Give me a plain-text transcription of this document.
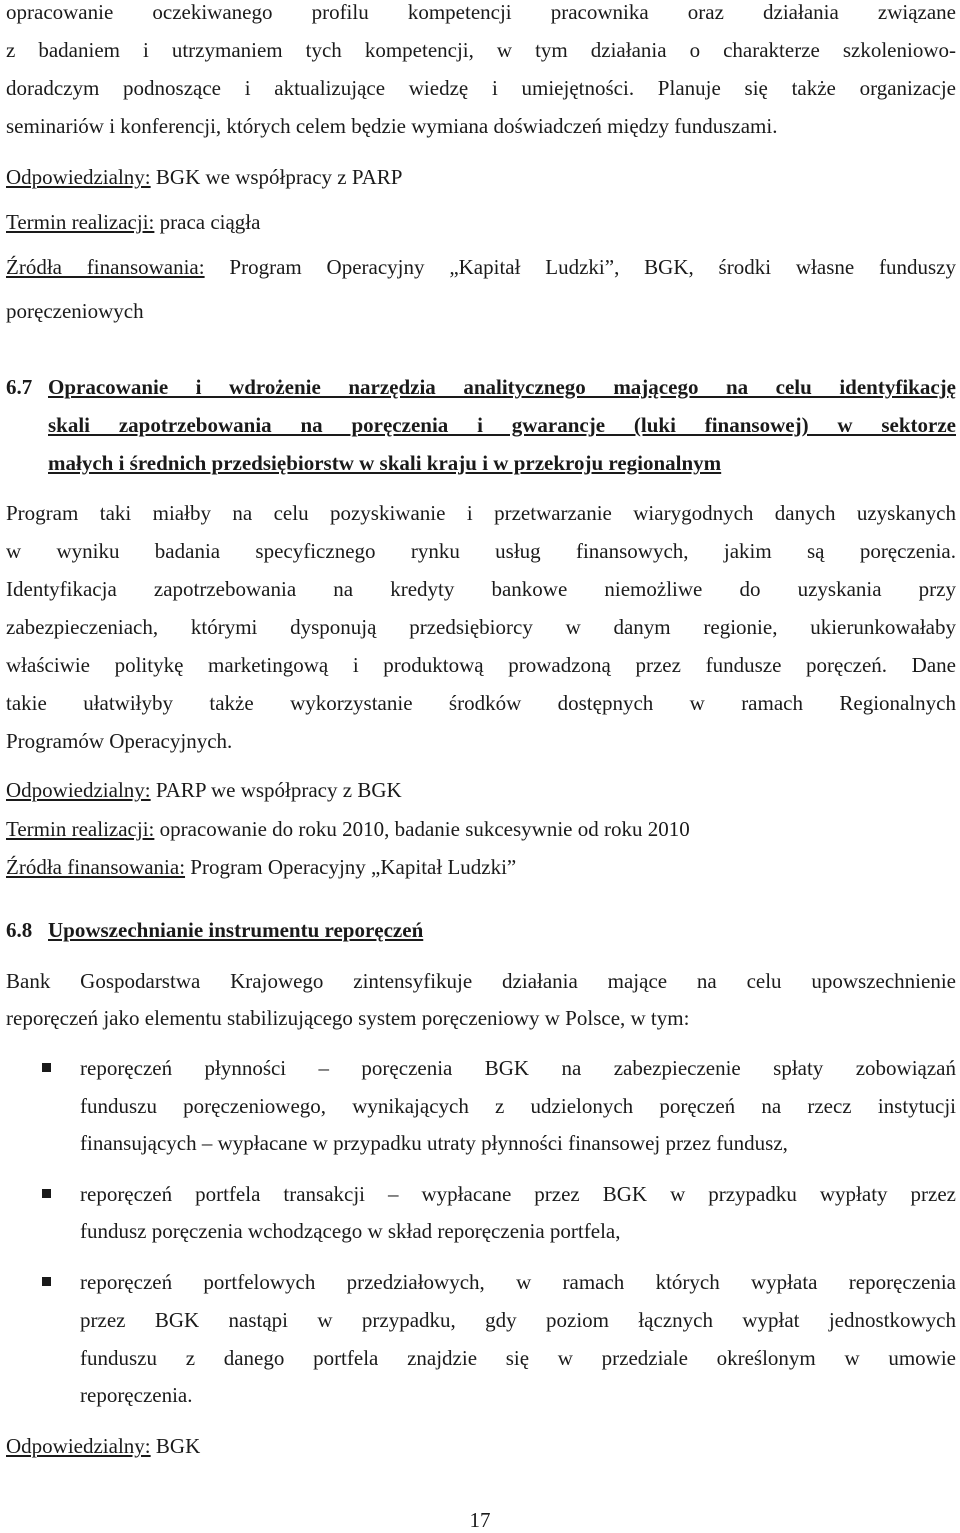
opracowanie oczekiwanego profilu kompetencji pracownika oraz działania związane
z badaniem i utrzymaniem tych kompetencji, w tym działania o charakterze szkoleniowo-
doradczym podnoszące i aktualizujące wiedzę i umiejętności. Planuje się także organizacje
seminariów i konferencji, których celem będzie wymiana doświadczeń między funduszami.
Odpowiedzialny: BGK we współpracy z PARP
Termin realizacji: praca ciągła
Źródła finansowania: Program Operacyjny „Kapitał Ludzki”, BGK, środki własne funduszy
poręczeniowych
6.7 Opracowanie i wdrożenie narzędzia analitycznego mającego na celu identyfikację
skali zapotrzebowania na poręczenia i gwarancje (luki finansowej) w sektorze
małych i średnich przedsiębiorstw w skali kraju i w przekroju regionalnym
Program taki miałby na celu pozyskiwanie i przetwarzanie wiarygodnych danych uzyskanych
w wyniku badania specyficznego rynku usług finansowych, jakim są poręczenia.
Identyfikacja zapotrzebowania na kredyty bankowe niemożliwe do uzyskania przy
zabezpieczeniach, którymi dysponują przedsiębiorcy w danym regionie, ukierunkowałaby
właściwie politykę marketingową i produktową prowadzoną przez fundusze poręczeń. Dane
takie ułatwiłyby także wykorzystanie środków dostępnych w ramach Regionalnych
Programów Operacyjnych.
Odpowiedzialny: PARP we współpracy z BGK
Termin realizacji: opracowanie do roku 2010, badanie sukcesywnie od roku 2010
Źródła finansowania: Program Operacyjny „Kapitał Ludzki”
6.8 Upowszechnianie instrumentu reporęczeń
Bank Gospodarstwa Krajowego zintensyfikuje działania mające na celu upowszechnienie
reporęczeń jako elementu stabilizującego system poręczeniowy w Polsce, w tym:
reporęczeń płynności – poręczenia BGK na zabezpieczenie spłaty zobowiązań
funduszu poręczeniowego, wynikających z udzielonych poręczeń na rzecz instytucji
finansujących – wypłacane w przypadku utraty płynności finansowej przez fundusz,
reporęczeń portfela transakcji – wypłacane przez BGK w przypadku wypłaty przez
fundusz poręczenia wchodzącego w skład reporęczenia portfela,
reporęczeń portfelowych przedziałowych, w ramach których wypłata reporęczenia
przez BGK nastąpi w przypadku, gdy poziom łącznych wypłat jednostkowych
funduszu z danego portfela znajdzie się w przedziale określonym w umowie
reporęczenia.
Odpowiedzialny: BGK
17
